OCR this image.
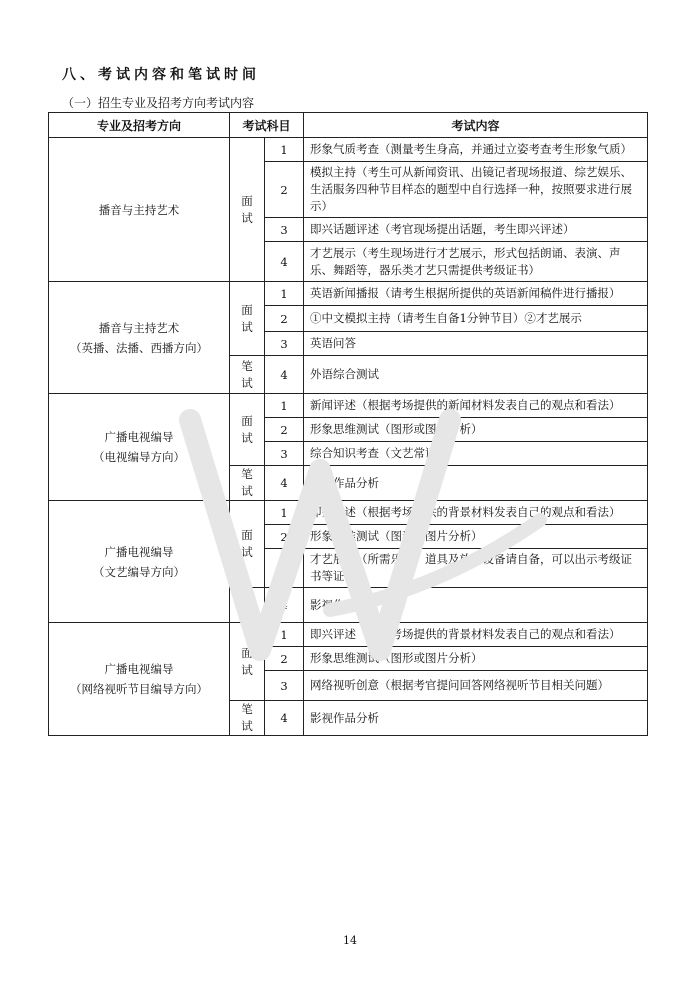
八、考试内容和笔试时间
（一）招生专业及招考方向考试内容
专业及招考方向	考试科目		考试内容

播音与主持艺术	面试	1	形象气质考查（测量考生身高，并通过立姿考查考生形象气质）
		2	模拟主持（考生可从新闻资讯、出镜记者现场报道、综艺娱乐、生活服务四种节目样态的题型中自行选择一种，按照要求进行展示）
		3	即兴话题评述（考官现场提出话题，考生即兴评述）
		4	才艺展示（考生现场进行才艺展示，形式包括朗诵、表演、声乐、舞蹈等，器乐类才艺只需提供考级证书）

播音与主持艺术
（英播、法播、西播方向）	面试	1	英语新闻播报（请考生根据所提供的英语新闻稿件进行播报）
		2	①中文模拟主持（请考生自备1分钟节目）②才艺展示
		3	英语问答
	笔试	4	外语综合测试

广播电视编导
（电视编导方向）	面试	1	新闻评述（根据考场提供的新闻材料发表自己的观点和看法）
		2	形象思维测试（图形或图片分析）
		3	综合知识考查（文艺常识）
	笔试	4	影视作品分析

广播电视编导
（文艺编导方向）	面试	1	即兴评述（根据考场提供的背景材料发表自己的观点和看法）
		2	形象思维测试（图形或图片分析）
		3	才艺展示（所需乐器、道具及放音设备请自备，可以出示考级证书等证明）
	笔试	4	影视作品分析

广播电视编导
（网络视听节目编导方向）	面试	1	即兴评述（根据考场提供的背景材料发表自己的观点和看法）
		2	形象思维测试（图形或图片分析）
		3	网络视听创意（根据考官提问回答网络视听节目相关问题）
	笔试	4	影视作品分析
14
